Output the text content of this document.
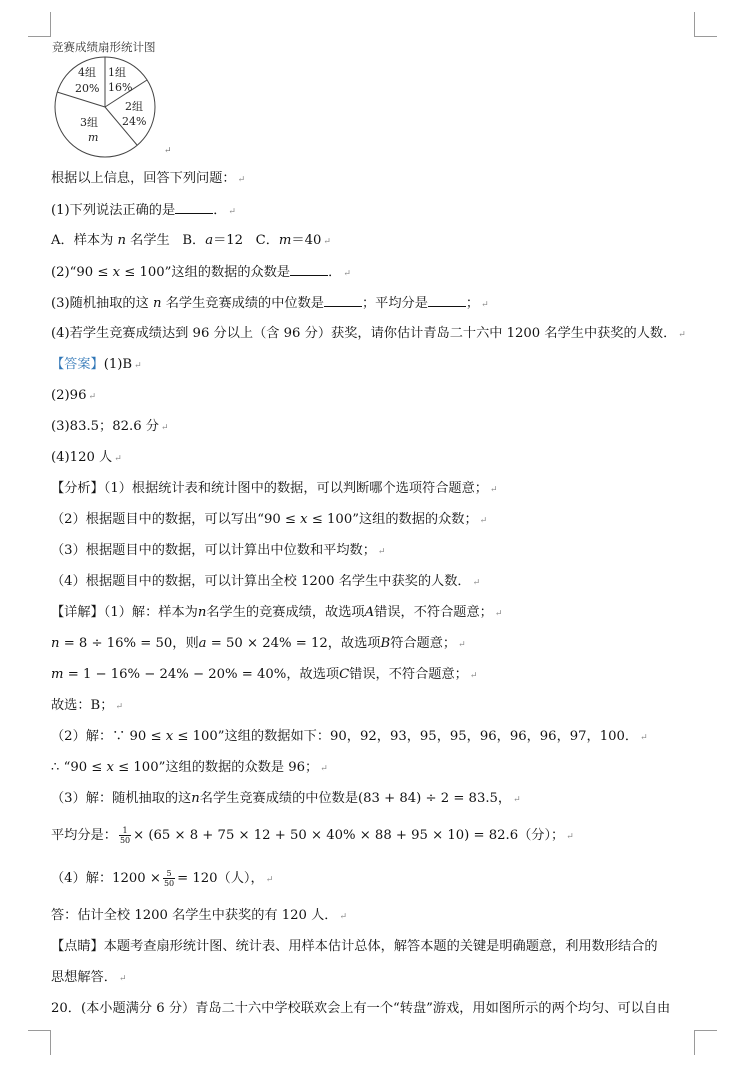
竞赛成绩扇形统计图
1组
16%
2组
24%
3组
m
4组
20%
↵
根据以上信息，回答下列问题： ↵
(1)下列说法正确的是	． ↵
A．样本为 n 名学生 B．a＝12 C．m＝40 ↵
(2)“90 ≤ x ≤ 100”这组的数据的众数是	． ↵
(3)随机抽取的这 n 名学生竞赛成绩的中位数是	；平均分是	； ↵
(4)若学生竞赛成绩达到 96 分以上（含 96 分）获奖，请你估计青岛二十六中 1200 名学生中获奖的人数． ↵
【答案】(1)B ↵
(2)96 ↵
(3)83.5；82.6 分 ↵
(4)120 人 ↵
【分析】（1）根据统计表和统计图中的数据，可以判断哪个选项符合题意； ↵
（2）根据题目中的数据，可以写出“90 ≤ x ≤ 100”这组的数据的众数； ↵
（3）根据题目中的数据，可以计算出中位数和平均数； ↵
（4）根据题目中的数据，可以计算出全校 1200 名学生中获奖的人数． ↵
【详解】（1）解：样本为n名学生的竞赛成绩，故选项A错误，不符合题意； ↵
n = 8 ÷ 16% = 50，则a = 50 × 24% = 12，故选项B符合题意； ↵
m = 1 − 16% − 24% − 20% = 40%，故选项C错误，不符合题意； ↵
故选：B； ↵
（2）解：∵ 90 ≤ x ≤ 100”这组的数据如下：90，92，93，95，95，96，96，96，97，100． ↵
∴ “90 ≤ x ≤ 100”这组的数据的众数是 96； ↵
（3）解：随机抽取的这n名学生竞赛成绩的中位数是(83 + 84) ÷ 2 = 83.5， ↵
平均分是： $\frac{1}{50} \times (65 \times 8 + 75 \times 12 + 50 \times 40\% \times 88 + 95 \times 10) = 82.6$（分）； ↵
（4）解：$1200 \times \frac{5}{50} = 120$（人）， ↵
答：估计全校 1200 名学生中获奖的有 120 人． ↵
【点睛】本题考查扇形统计图、统计表、用样本估计总体，解答本题的关键是明确题意，利用数形结合的
思想解答． ↵
20．(本小题满分 6 分）青岛二十六中学校联欢会上有一个“转盘”游戏，用如图所示的两个均匀、可以自由
